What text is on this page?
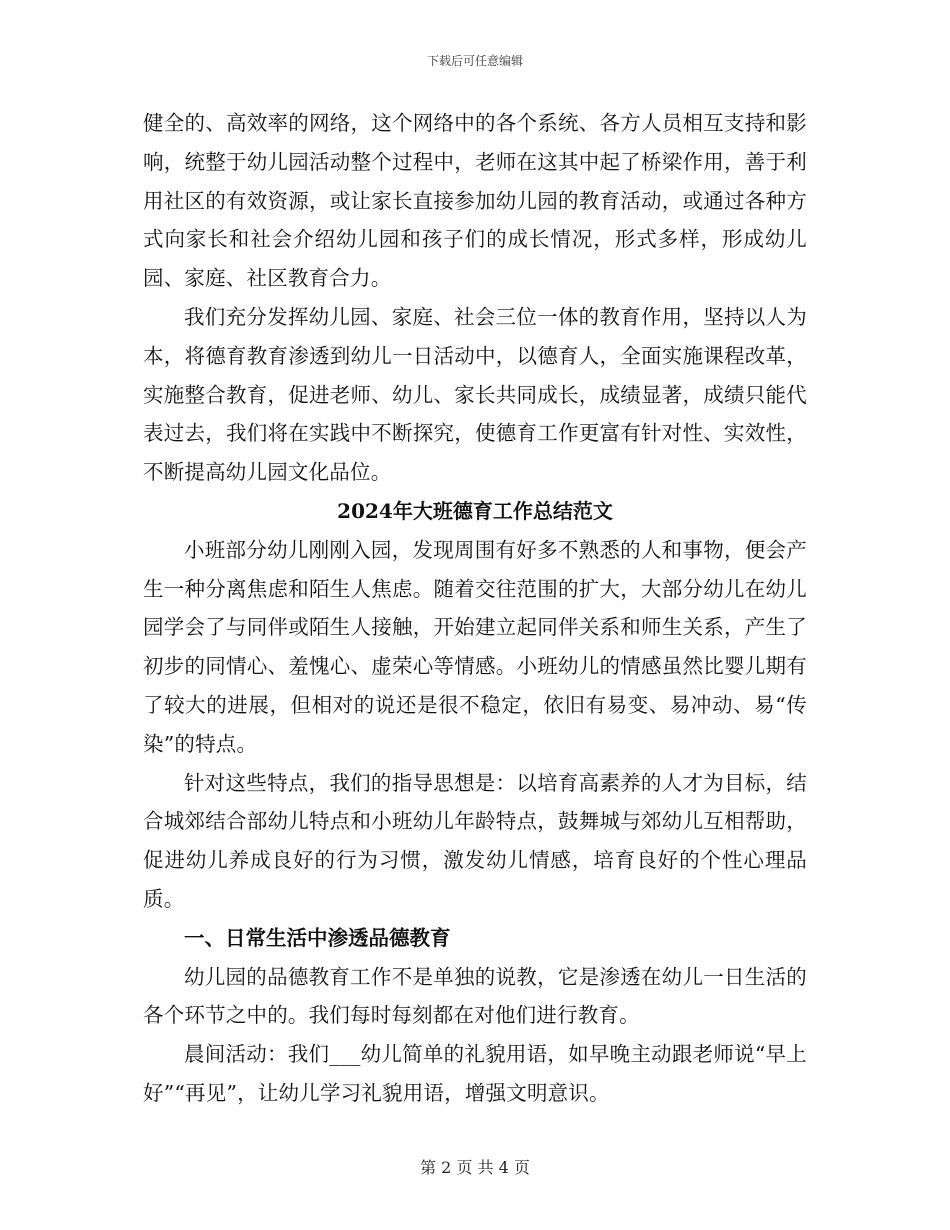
下载后可任意编辑

健全的、高效率的网络，这个网络中的各个系统、各方人员相互支持和影响，统整于幼儿园活动整个过程中，老师在这其中起了桥梁作用，善于利用社区的有效资源，或让家长直接参加幼儿园的教育活动，或通过各种方式向家长和社会介绍幼儿园和孩子们的成长情况，形式多样，形成幼儿园、家庭、社区教育合力。

我们充分发挥幼儿园、家庭、社会三位一体的教育作用，坚持以人为本，将德育教育渗透到幼儿一日活动中，以德育人，全面实施课程改革，实施整合教育，促进老师、幼儿、家长共同成长，成绩显著，成绩只能代表过去，我们将在实践中不断探究，使德育工作更富有针对性、实效性，不断提高幼儿园文化品位。

2024年大班德育工作总结范文

小班部分幼儿刚刚入园，发现周围有好多不熟悉的人和事物，便会产生一种分离焦虑和陌生人焦虑。随着交往范围的扩大，大部分幼儿在幼儿园学会了与同伴或陌生人接触，开始建立起同伴关系和师生关系，产生了初步的同情心、羞愧心、虚荣心等情感。小班幼儿的情感虽然比婴儿期有了较大的进展，但相对的说还是很不稳定，依旧有易变、易冲动、易“传染”的特点。

针对这些特点，我们的指导思想是：以培育高素养的人才为目标，结合城郊结合部幼儿特点和小班幼儿年龄特点，鼓舞城与郊幼儿互相帮助，促进幼儿养成良好的行为习惯，激发幼儿情感，培育良好的个性心理品质。

一、日常生活中渗透品德教育

幼儿园的品德教育工作不是单独的说教，它是渗透在幼儿一日生活的各个环节之中的。我们每时每刻都在对他们进行教育。

晨间活动：我们___幼儿简单的礼貌用语，如早晚主动跟老师说“早上好”“再见”，让幼儿学习礼貌用语，增强文明意识。

第 2 页 共 4 页
